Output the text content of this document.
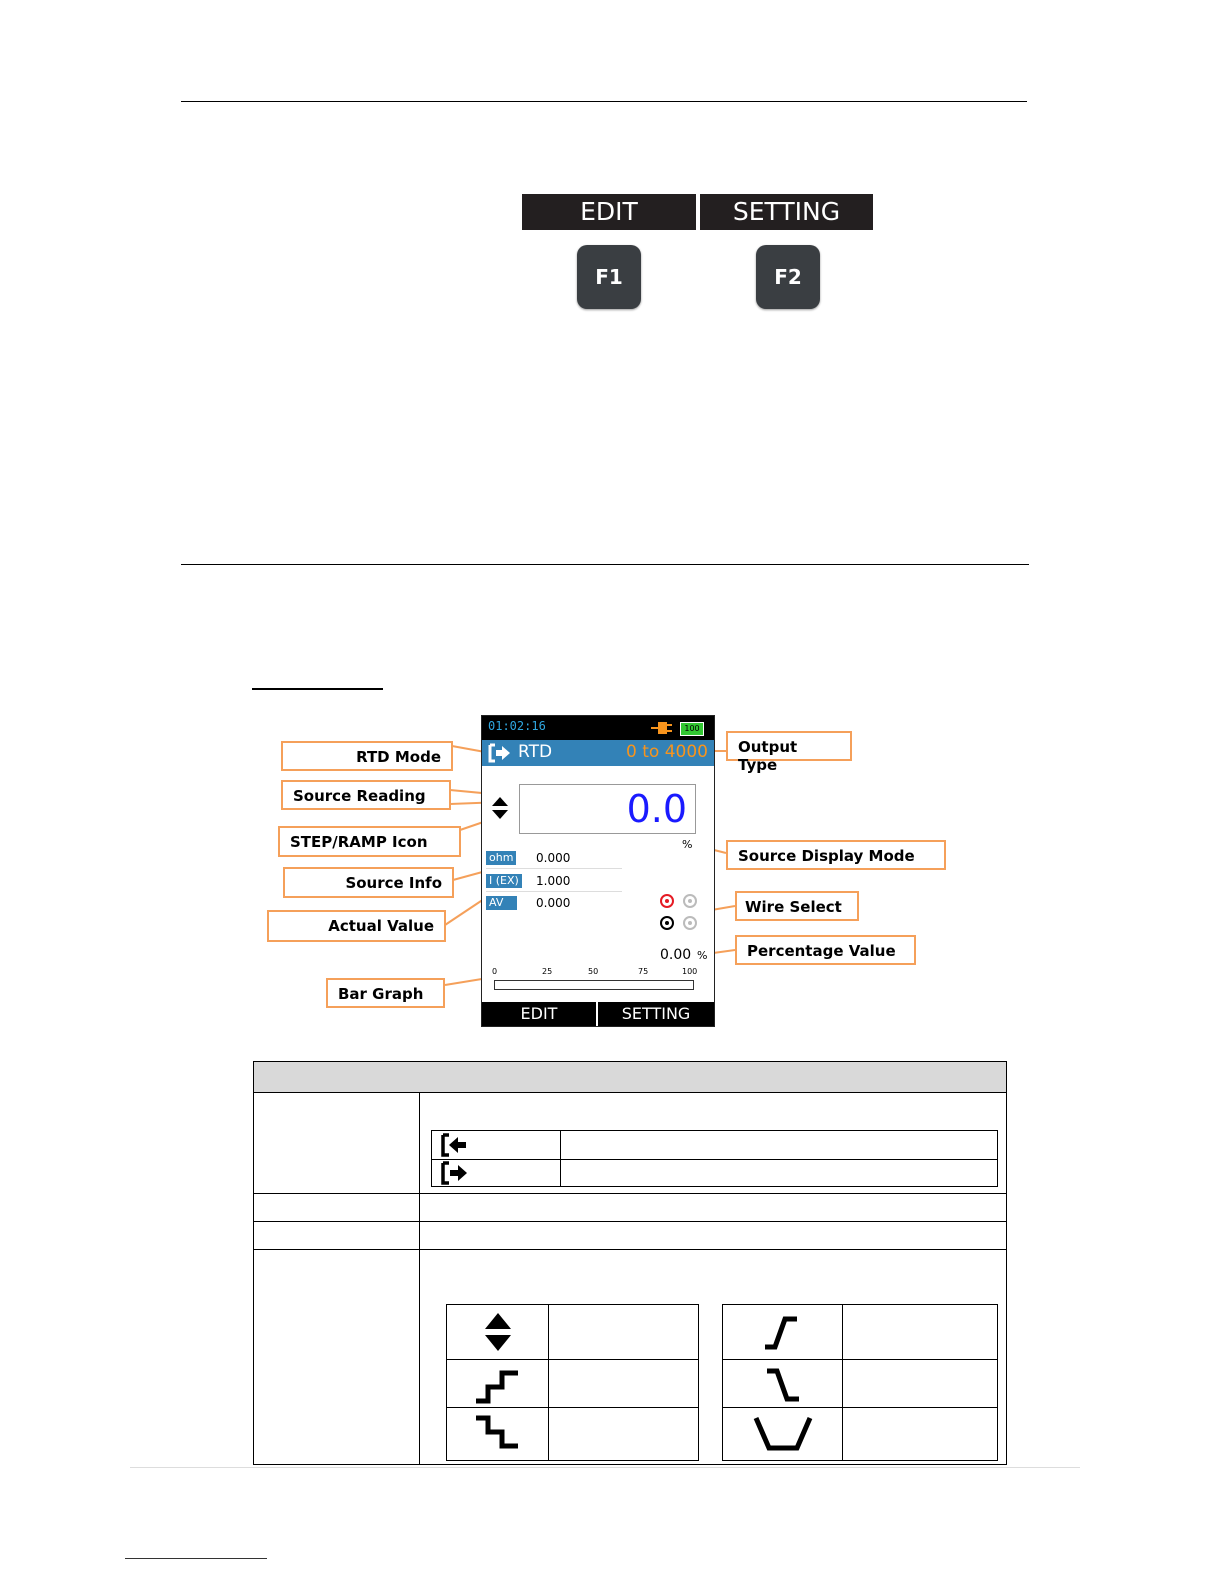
EDIT	SETTING
F1	F2
01:02:16	100
RTD	0 to 4000
0.0
%
ohm 0.000
I (EX) 1.000
AV	0.000
0.00 %
0	25	50	75	100
EDIT	SETTING
RTD Mode
Source Reading
STEP/RAMP Icon
Source Info
Actual Value
Bar Graph
Output Type
Source Display Mode
Wire Select
Percentage Value
